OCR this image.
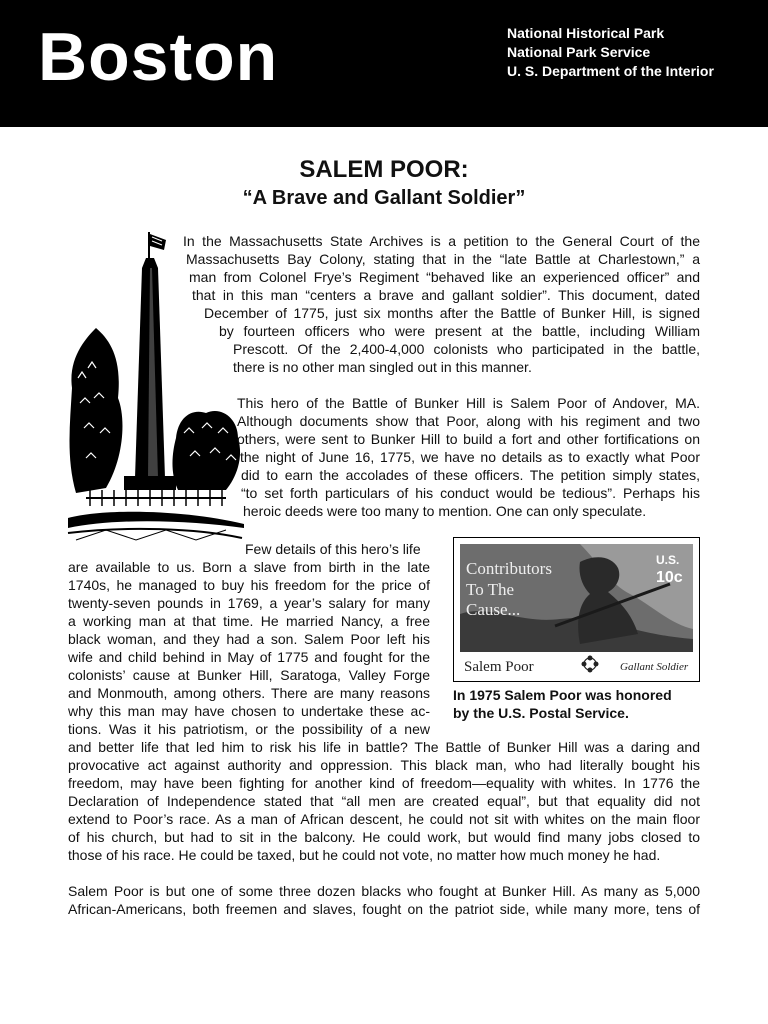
Boston	National Historical Park
National Park Service
U. S. Department of the Interior
SALEM POOR:
“A Brave and Gallant Soldier”
In the Massachusetts State Archives is a petition to the General Court of the
Massachusetts Bay Colony, stating that in the “late Battle at Charlestown,” a
man from Colonel Frye’s Regiment “behaved like an experienced officer” and
that in this man “centers a brave and gallant soldier”. This document, dated
December of 1775, just six months after the Battle of Bunker Hill, is signed
by fourteen officers who were present at the battle, including William
Prescott. Of the 2,400-4,000 colonists who participated in the battle,
there is no other man singled out in this manner.
This hero of the Battle of Bunker Hill is Salem Poor of Andover, MA.
Although documents show that Poor, along with his regiment and two
others, were sent to Bunker Hill to build a fort and other fortifications on
the night of June 16, 1775, we have no details as to exactly what Poor
did to earn the accolades of these officers. The petition simply states,
“to set forth particulars of his conduct would be tedious”. Perhaps his
heroic deeds were too many to mention. One can only speculate.
Few details of this hero’s life
are available to us. Born a slave from birth in the late
1740s, he managed to buy his freedom for the price of
twenty-seven pounds in 1769, a year’s salary for many
a working man at that time. He married Nancy, a free
black woman, and they had a son. Salem Poor left his
wife and child behind in May of 1775 and fought for the
colonists’ cause at Bunker Hill, Saratoga, Valley Forge
and Monmouth, among others. There are many reasons
why this man may have chosen to undertake these ac-
tions. Was it his patriotism, or the possibility of a new
and better life that led him to risk his life in battle? The Battle of Bunker Hill was a daring and
provocative act against authority and oppression. This black man, who had literally bought his
freedom, may have been fighting for another kind of freedom—equality with whites. In 1776 the
Declaration of Independence stated that “all men are created equal”, but that equality did not
extend to Poor’s race. As a man of African descent, he could not sit with whites on the main floor
of his church, but had to sit in the balcony. He could work, but would find many jobs closed to
those of his race. He could be taxed, but he could not vote, no matter how much money he had.
Salem Poor is but one of some three dozen blacks who fought at Bunker Hill. As many as 5,000
African-Americans, both freemen and slaves, fought on the patriot side, while many more, tens of
Contributors
To The
Cause...
U.S.
10c
Salem Poor	Gallant Soldier
In 1975 Salem Poor was honored
by the U.S. Postal Service.
